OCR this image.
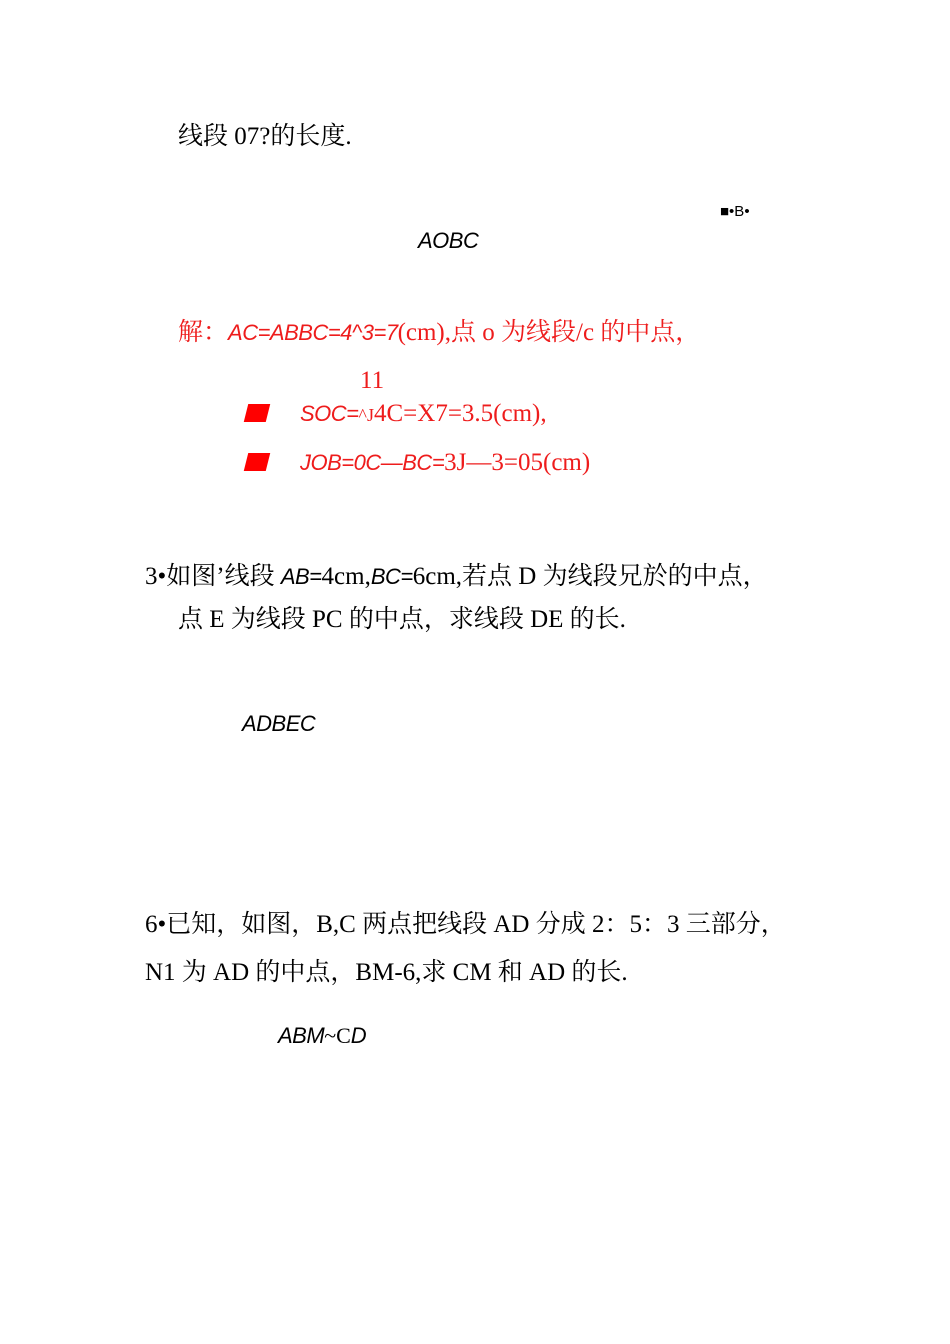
线段 07?的长度.
■•B•
AOBC
解：AC=ABBC=4^3=7(cm),点 o 为线段/c 的中点，
11
SOC=^J4C=X7=3.5(cm),
JOB=0C—BC=3J—3=05(cm)
3•如图’线段 AB=4cm,BC=6cm,若点 D 为线段兄於的中点，
点 E 为线段 PC 的中点，求线段 DE 的长.
ADBEC
6•已知，如图，B,C 两点把线段 AD 分成 2：5：3 三部分，
N1 为 AD 的中点，BM-6,求 CM 和 AD 的长.
ABM~CD
